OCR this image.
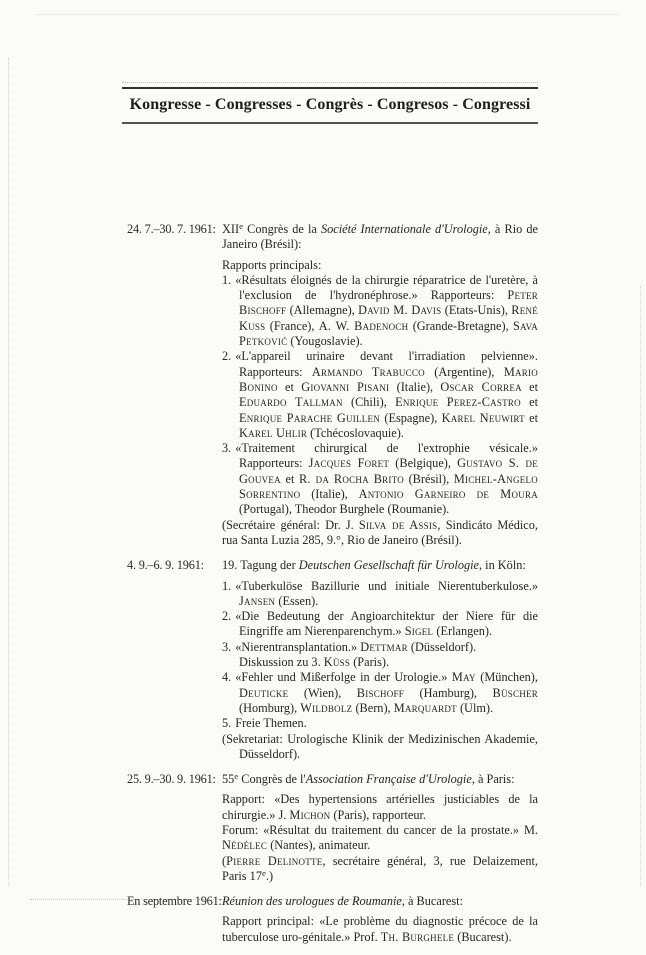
Kongresse - Congresses - Congrès - Congresos - Congressi
24. 7.–30. 7. 1961: XIIe Congrès de la Société Internationale d'Urologie, à Rio de Janeiro (Brésil):

Rapports principals:

1. «Résultats éloignés de la chirurgie réparatrice de l'uretère, à l'exclusion de l'hydronéphrose.» Rapporteurs: Peter Bischoff (Allemagne), David M. Davis (Etats-Unis), René Kuss (France), A. W. Badenoch (Grande-Bretagne), Sava Petković (Yougoslavie).

2. «L'appareil urinaire devant l'irradiation pelvienne». Rapporteurs: Armando Trabucco (Argentine), Mario Bonino et Giovanni Pisani (Italie), Oscar Correa et Eduardo Tallman (Chili), Enrique Perez-Castro et Enrique Parache Guillen (Espagne), Karel Neuwirt et Karel Uhlir (Tchécoslovaquie).

3. «Traitement chirurgical de l'extrophie vésicale.» Rapporteurs: Jacques Foret (Belgique), Gustavo S. de Gouvea et R. da Rocha Brito (Brésil), Michel-Angelo Sorrentino (Italie), Antonio Garneiro de Moura (Portugal), Theodor Burghele (Roumanie).

(Secrétaire général: Dr. J. Silva de Assis, Sindicáto Médico, rua Santa Luzia 285, 9.°, Rio de Janeiro (Brésil).

4. 9.–6. 9. 1961:	19. Tagung der Deutschen Gesellschaft für Urologie, in Köln:

1. «Tuberkulöse Bazillurie und initiale Nierentuberkulose.» Jansen (Essen).

2. «Die Bedeutung der Angioarchitektur der Niere für die Eingriffe am Nierenparenchym.» Sigel (Erlangen).

3. «Nierentransplantation.» Dettmar (Düsseldorf).

Diskussion zu 3. Küss (Paris).

4. «Fehler und Mißerfolge in der Urologie.» May (München), Deuticke (Wien), Bischoff (Hamburg), Büscher (Homburg), Wildbolz (Bern), Marquardt (Ulm).

5. Freie Themen.

(Sekretariat: Urologische Klinik der Medizinischen Akademie, Düsseldorf).

25. 9.–30. 9. 1961: 55e Congrès de l'Association Française d'Urologie, à Paris:

Rapport: «Des hypertensions artérielles justiciables de la chirurgie.» J. Michon (Paris), rapporteur.

Forum: «Résultat du traitement du cancer de la prostate.» M. Nédélec (Nantes), animateur.

(Pierre Delinotte, secrétaire général, 3, rue Delaizement, Paris 17e.)

En septembre 1961: Réunion des urologues de Roumanie, à Bucarest:

Rapport principal: «Le problème du diagnostic précoce de la tuberculose uro-génitale.» Prof. Th. Burghele (Bucarest).
